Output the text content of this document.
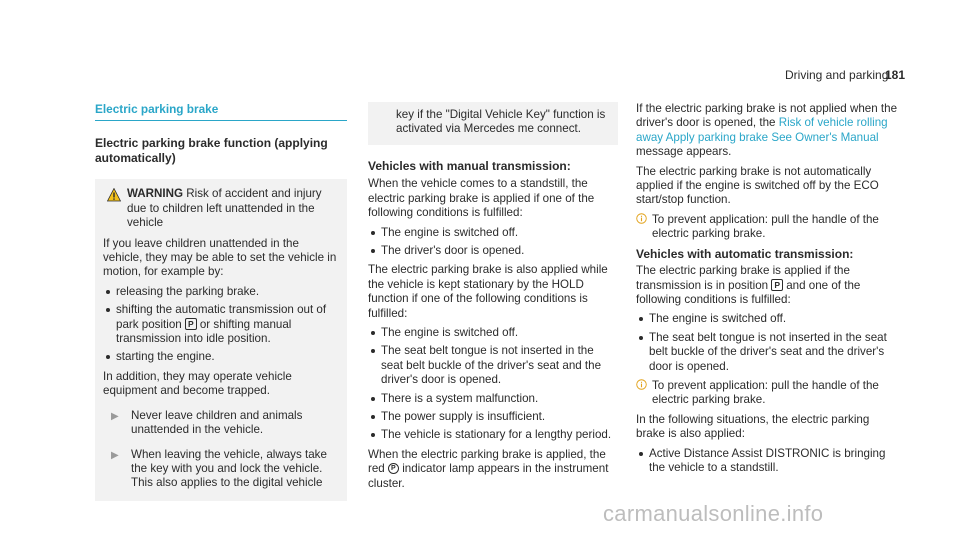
Driving and parking
181
Electric parking brake
Electric parking brake function (applying automatically)
WARNING Risk of accident and injury due to children left unattended in the vehicle

If you leave children unattended in the vehicle, they may be able to set the vehicle in motion, for example by:

releasing the parking brake.
shifting the automatic transmission out of park position P or shifting manual transmission into idle position.
starting the engine.

In addition, they may operate vehicle equipment and become trapped.

▶	Never leave children and animals unattended in the vehicle.
▶	When leaving the vehicle, always take the key with you and lock the vehicle. This also applies to the digital vehicle
key if the "Digital Vehicle Key" function is activated via Mercedes me connect.
Vehicles with manual transmission:

When the vehicle comes to a standstill, the electric parking brake is applied if one of the following conditions is fulfilled:

The engine is switched off.
The driver's door is opened.

The electric parking brake is also applied while the vehicle is kept stationary by the HOLD function if one of the following conditions is fulfilled:

The engine is switched off.
The seat belt tongue is not inserted in the seat belt buckle of the driver's seat and the driver's door is opened.
There is a system malfunction.
The power supply is insufficient.
The vehicle is stationary for a lengthy period.

When the electric parking brake is applied, the red P indicator lamp appears in the instrument cluster.

If the electric parking brake is not applied when the driver's door is opened, the Risk of vehicle rolling away Apply parking brake See Owner's Manual message appears.

The electric parking brake is not automatically applied if the engine is switched off by the ECO start/stop function.

To prevent application: pull the handle of the electric parking brake.
Vehicles with automatic transmission:

The electric parking brake is applied if the transmission is in position P and one of the following conditions is fulfilled:

The engine is switched off.
The seat belt tongue is not inserted in the seat belt buckle of the driver's seat and the driver's door is opened.
To prevent application: pull the handle of the electric parking brake.

In the following situations, the electric parking brake is also applied:

Active Distance Assist DISTRONIC is bringing the vehicle to a standstill.
carmanualsonline.info
